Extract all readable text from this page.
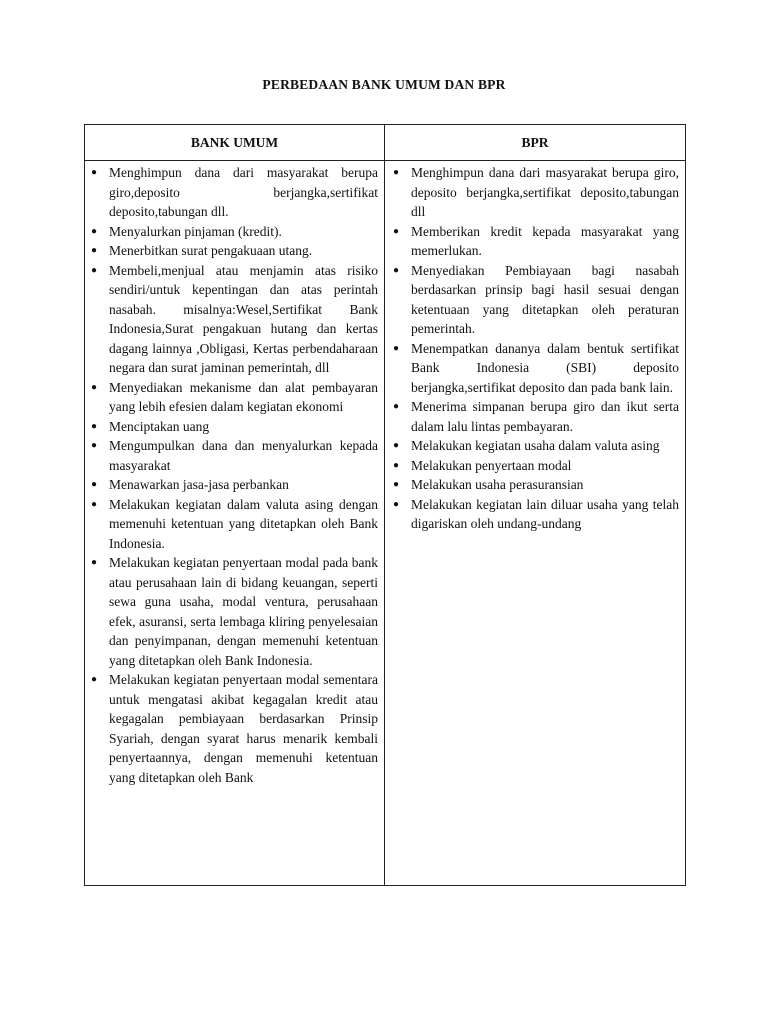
PERBEDAAN BANK UMUM DAN BPR
BANK UMUM	BPR
● Menghimpun dana dari masyarakat berupa giro,deposito berjangka,sertifikat deposito,tabungan dll.
● Menyalurkan pinjaman (kredit).
● Menerbitkan surat pengakuaan utang.
● Membeli,menjual atau menjamin atas risiko sendiri/untuk kepentingan dan atas perintah nasabah. misalnya:Wesel,Sertifikat Bank Indonesia,Surat pengakuan hutang dan kertas dagang lainnya ,Obligasi, Kertas perbendaharaan negara dan surat jaminan pemerintah, dll
● Menyediakan mekanisme dan alat pembayaran yang lebih efesien dalam kegiatan ekonomi
● Menciptakan uang
● Mengumpulkan dana dan menyalurkan kepada masyarakat
● Menawarkan jasa-jasa perbankan
● Melakukan kegiatan dalam valuta asing dengan memenuhi ketentuan yang ditetapkan oleh Bank Indonesia.
● Melakukan kegiatan penyertaan modal pada bank atau perusahaan lain di bidang keuangan, seperti sewa guna usaha, modal ventura, perusahaan efek, asuransi, serta lembaga kliring penyelesaian dan penyimpanan, dengan memenuhi ketentuan yang ditetapkan oleh Bank Indonesia.
● Melakukan kegiatan penyertaan modal sementara untuk mengatasi akibat kegagalan kredit atau kegagalan pembiayaan berdasarkan Prinsip Syariah, dengan syarat harus menarik kembali penyertaannya, dengan memenuhi ketentuan yang ditetapkan oleh Bank
● Menghimpun dana dari masyarakat berupa giro, deposito berjangka,sertifikat deposito,tabungan dll
● Memberikan kredit kepada masyarakat yang memerlukan.
● Menyediakan Pembiayaan bagi nasabah berdasarkan prinsip bagi hasil sesuai dengan ketentuaan yang ditetapkan oleh peraturan pemerintah.
● Menempatkan dananya dalam bentuk sertifikat Bank Indonesia (SBI) deposito berjangka,sertifikat deposito dan pada bank lain.
● Menerima simpanan berupa giro dan ikut serta dalam lalu lintas pembayaran.
● Melakukan kegiatan usaha dalam valuta asing
● Melakukan penyertaan modal
● Melakukan usaha perasuransian
● Melakukan kegiatan lain diluar usaha yang telah digariskan oleh undang-undang
